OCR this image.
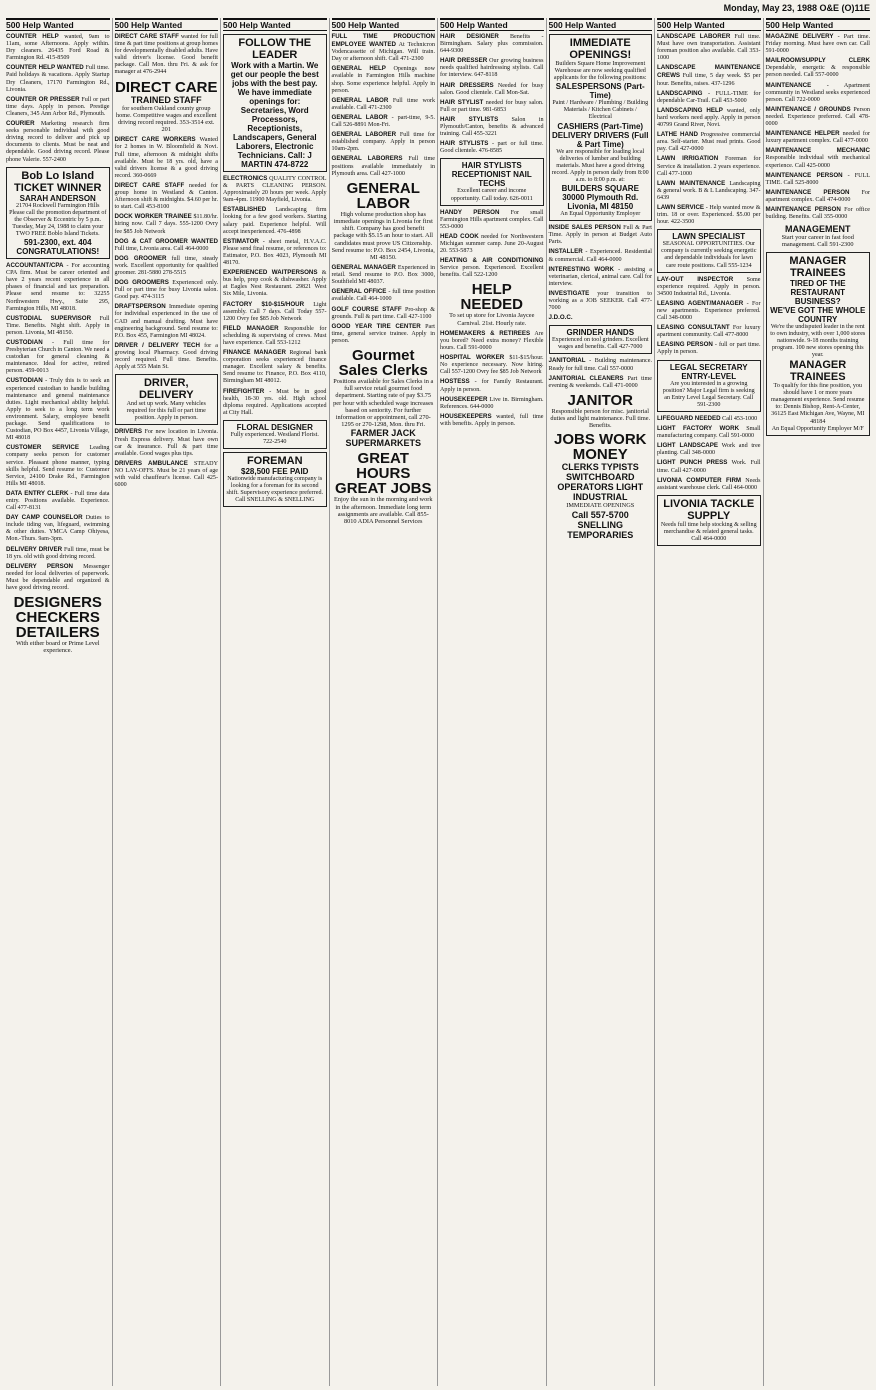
Monday, May 23, 1988 O&E (O)11E
500 Help Wanted
COUNTER HELP wanted, 9am to 11am, some Afternoons. Apply within. Dry cleaners. 26435 Ford Road & Farmington Rd. 415-8509
COUNTER HELP WANTED Full time. Paid holidays & vacations. Apply Startup Dry Cleaners, 17170 Farmington Rd., Livonia.
COUNTER OR PRESSER Full or part time days. Apply in person. Prestige Cleaners, 345 Ann Arbor Rd., Plymouth.
COURIER Marketing research firm seeks personable individual with good driving record to deliver and pick up documents to clients. Must be neat and dependable. Good driving record. Please phone Valerie. 557-2400
Bob Lo Island TICKET WINNER
SARAH ANDERSON
21704 Rockwell Farmington Hills
Please call the promotion department of the Observer & Eccentric by 5 p.m. Tuesday, May 24, 1988 to claim your TWO FREE Boblo Island Tickets.
591-2300, ext. 404
CONGRATULATIONS!
ACCOUNTANT/CPA - For accounting CPA firm. Must be career oriented and have 2 years recent experience in all phases of financial and tax preparation. Please send resume to: 32255 Northwestern Hwy., Suite 295, Farmington Hills, MI 48018.
CUSTODIAL SUPERVISOR Full Time. Benefits. Night shift. Apply in person. Livonia, MI 48150.
CUSTODIAN - Full time for Presbyterian Church in Canton. We need a custodian for general cleaning & maintenance. Ideal for active, retired person. 459-0013
CUSTODIAN - Truly this is to seek an experienced custodian to handle building maintenance and general maintenance duties. Light mechanical ability helpful. Apply to seek to a long term work environment. Salary, employee benefit package. Send qualifications to Custodian, PO Box 4457, Livonia Village, MI 48018
CUSTOMER SERVICE Leading company seeks person for customer service. Pleasant phone manner, typing skills helpful. Send resume to: Customer Service, 24100 Drake Rd., Farmington Hills MI 48018.
DATA ENTRY CLERK - Full time data entry. Positions available. Experience. Call 477-8131
DAY CAMP COUNSELOR Duties to include tiding van, lifeguard, swimming & other duties. YMCA Camp Ohiyesa, Mon.-Thurs. 9am-3pm.
DELIVERY DRIVER Full time, must be 18 yrs. old with good driving record.
DELIVERY PERSON Messenger needed for local deliveries of paperwork. Must be dependable and organized & have good driving record.
DESIGNERS CHECKERS DETAILERS
With either board or Prime Level experience.
500 Help Wanted
DIRECT CARE STAFF wanted for full time & part time positions at group homes for developmentally disabled adults. Have valid driver's license. Good benefit package. Call Mon. thru Fri. & ask for manager at 476-2944
DIRECT CARE
TRAINED STAFF
for southern Oakland county group home. Competitive wages and excellent driving record required. 353-3514 ext. 201
DIRECT CARE WORKERS Wanted for 2 homes in W. Bloomfield & Novi. Full time, afternoon & midnight shifts available. Must be 18 yrs. old, have a valid drivers license & a good driving record. 360-0669
DIRECT CARE STAFF needed for group home in Westland & Canton. Afternoon shift & midnights. $4.60 per hr. to start. Call 453-8100
DOCK WORKER TRAINEE $11.80/hr. hiring now. Call 7 days. 555-1200 Ovry fee $85 Job Network
DOG & CAT GROOMER WANTED Full time, Livonia area. Call 464-0000
DOG GROOMER full time, steady work. Excellent opportunity for qualified groomer. 281-5880 278-5515
DOG GROOMERS Experienced only. Full or part time for busy Livonia salon. Good pay. 474-3115
DRAFTSPERSON Immediate opening for individual experienced in the use of CAD and manual drafting. Must have engineering background. Send resume to: P.O. Box 455, Farmington MI 48024.
DRIVER / DELIVERY TECH for a growing local Pharmacy. Good driving record required. Full time. Benefits. Apply at 555 Main St.
DRIVER, DELIVERY
And set up work. Many vehicles required for this full or part time position. Apply in person.
DRIVERS For new location in Livonia. Fresh Express delivery. Must have own car & insurance. Full & part time available. Good wages plus tips.
DRIVERS AMBULANCE STEADY NO LAY-OFFS. Must be 21 years of age with valid chauffeur's license. Call 425-6000
500 Help Wanted
FOLLOW THE LEADER
Work with a Martin. We get our people the best jobs with the best pay. We have immediate openings for: Secretaries, Word Processors, Receptionists, Landscapers, General Laborers, Electronic Technicians. Call: J MARTIN 474-8722
ELECTRONICS QUALITY CONTROL & PARTS CLEANING PERSON. Approximately 20 hours per week. Apply 9am-4pm. 11900 Mayfield, Livonia.
ESTABLISHED Landscaping firm looking for a few good workers. Starting salary paid. Experience helpful. Will accept inexperienced. 476-4898
ESTIMATOR - sheet metal, H.V.A.C. Please send final resume, or references to: Estimator, P.O. Box 4023, Plymouth MI 48170.
EXPERIENCED WAITPERSONS & bus help, prep cook & dishwasher. Apply at Eagles Nest Restaurant. 29821 West Six Mile, Livonia.
FACTORY $10-$15/HOUR Light assembly. Call 7 days. Call Today 557-1200 Ovry fee $85 Job Network
FIELD MANAGER Responsible for scheduling & supervising of crews. Must have experience. Call 553-1212
FINANCE MANAGER Regional bank corporation seeks experienced finance manager. Excellent salary & benefits. Send resume to: Finance, P.O. Box 4110, Birmingham MI 48012.
FIREFIGHTER - Must be in good health, 18-30 yrs. old. High school diploma required. Applications accepted at City Hall.
FLORAL DESIGNER
Fully experienced. Westland Florist. 722-2540
FOREMAN
$28,500 FEE PAID
Nationwide manufacturing company is looking for a foreman for its second shift. Supervisory experience preferred. Call SNELLING & SNELLING
500 Help Wanted
FULL TIME PRODUCTION EMPLOYEE WANTED At Technicron Vodencassette of Michigan. Will train. Day or afternoon shift. Call 471-2300
GENERAL HELP Openings now available in Farmington Hills machine shop. Some experience helpful. Apply in person.
GENERAL LABOR Full time work available. Call 471-2300
GENERAL LABOR - part-time, 9-5. Call 526-8891 Mon-Fri.
GENERAL LABORER Full time for established company. Apply in person 10am-2pm.
GENERAL LABORERS Full time positions available immediately in Plymouth area. Call 427-1000
GENERAL LABOR
High volume production shop has immediate openings in Livonia for first shift. Company has good benefit package with $5.15 an hour to start. All candidates must prove US Citizenship. Send resume to: P.O. Box 2454, Livonia, MI 48150.
GENERAL MANAGER Experienced in retail. Send resume to P.O. Box 3000, Southfield MI 48037.
GENERAL OFFICE - full time position available. Call 464-1000
GOLF COURSE STAFF Pro-shop & grounds. Full & part time. Call 427-1100
GOOD YEAR TIRE CENTER Part time, general service trainee. Apply in person.
Gourmet Sales Clerks
Positions available for Sales Clerks in a full service retail gourmet food department. Starting rate of pay $3.75 per hour with scheduled wage increases based on seniority. For further information or appointment, call 270-1295 or 270-1298, Mon. thru Fri.
FARMER JACK SUPERMARKETS
GREAT HOURS GREAT JOBS
Enjoy the sun in the morning and work in the afternoon. Immediate long term assignments are available. Call 855-8010 ADIA Personnel Services
500 Help Wanted
HAIR DESIGNER Benefits - Birmingham. Salary plus commission. 644-9300
HAIR DRESSER Our growing business needs qualified hairdressing stylists. Call for interview. 647-8118
HAIR DRESSERS Needed for busy salon. Good clientele. Call Mon-Sat.
HAIR STYLIST needed for busy salon. Full or part time. 981-6853
HAIR STYLISTS Salon in Plymouth/Canton, benefits & advanced training. Call 455-3221
HAIR STYLISTS - part or full time. Good clientele. 476-8585
HAIR STYLISTS RECEPTIONIST NAIL TECHS
Excellent career and income opportunity. Call today. 626-0011
HANDY PERSON For small Farmington Hills apartment complex. Call 553-0000
HEAD COOK needed for Northwestern Michigan summer camp. June 20-August 20. 553-5873
HEATING & AIR CONDITIONING Service person. Experienced. Excellent benefits. Call 522-1200
HELP NEEDED
To set up store for Livonia Jaycee Carnival. 21st. Hourly rate.
HOMEMAKERS & RETIREES Are you bored? Need extra money? Flexible hours. Call 591-0000
HOSPITAL WORKER $11-$15/hour. No experience necessary. Now hiring. Call 557-1200 Ovry fee $85 Job Network
HOSTESS - for Family Restaurant. Apply in person.
HOUSEKEEPER Live in. Birmingham. References. 644-0000
HOUSEKEEPERS wanted, full time with benefits. Apply in person.
500 Help Wanted
IMMEDIATE OPENINGS!
Builders Square Home Improvement Warehouse are now seeking qualified applicants for the following positions:
SALESPERSONS (Part-Time)
Paint / Hardware / Plumbing / Building Materials / Kitchen Cabinets / Electrical
CASHIERS (Part-Time)
DELIVERY DRIVERS (Full & Part Time)
We are responsible for loading local deliveries of lumber and building materials. Must have a good driving record. Apply in person daily from 8:00 a.m. to 8:00 p.m. at:
BUILDERS SQUARE 30000 Plymouth Rd. Livonia, MI 48150
An Equal Opportunity Employer
INSIDE SALES PERSON Full & Part Time. Apply in person at Budget Auto Parts.
INSTALLER - Experienced. Residential & commercial. Call 464-0000
INTERESTING WORK - assisting a veterinarian, clerical, animal care. Call for interview.
INVESTIGATE your transition to working as a JOB SEEKER. Call 477-7000
J.D.O.C.
GRINDER HANDS
Experienced on tool grinders. Excellent wages and benefits. Call 427-7000
JANITORIAL - Building maintenance. Ready for full time. Call 557-0000
JANITORIAL CLEANERS Part time evening & weekends. Call 471-0000
JANITOR
Responsible person for misc. janitorial duties and light maintenance. Full time. Benefits.
JOBS WORK MONEY
CLERKS TYPISTS SWITCHBOARD OPERATORS LIGHT INDUSTRIAL
IMMEDIATE OPENINGS
Call 557-5700 SNELLING TEMPORARIES
500 Help Wanted
LANDSCAPE LABORER Full time. Must have own transportation. Assistant foreman position also available. Call 353-1000
LANDSCAPE MAINTENANCE CREWS Full time, 5 day week. $5 per hour. Benefits, raises. 437-1296
LANDSCAPING - FULL-TIME for dependable Car-Trail. Call 453-5000
LANDSCAPING HELP wanted, only hard workers need apply. Apply in person 40799 Grand River, Novi.
LATHE HAND Progressive commercial area. Self-starter. Must read prints. Good pay. Call 427-0000
LAWN IRRIGATION Foreman for Service & installation. 2 years experience. Call 477-1000
LAWN MAINTENANCE Landscaping & general work. B & L Landscaping. 347-6439
LAWN SERVICE - Help wanted mow & trim. 18 or over. Experienced. $5.00 per hour. 422-3500
LAWN SPECIALIST
SEASONAL OPPORTUNITIES. Our company is currently seeking energetic and dependable individuals for lawn care route positions. Call 555-1234
LAY-OUT INSPECTOR Some experience required. Apply in person. 34500 Industrial Rd., Livonia.
LEASING AGENT/MANAGER - For new apartments. Experience preferred. Call 348-0000
LEASING CONSULTANT For luxury apartment community. Call 477-8000
LEASING PERSON - full or part time. Apply in person.
LEGAL SECRETARY ENTRY-LEVEL
Are you interested in a growing position? Major Legal firm is seeking an Entry Level Legal Secretary. Call 591-2300
LIFEGUARD NEEDED Call 453-1000
LIGHT FACTORY WORK Small manufacturing company. Call 591-0000
LIGHT LANDSCAPE Work and tree planting. Call 348-0000
LIGHT PUNCH PRESS Work. Full time. Call 427-0000
LIVONIA COMPUTER FIRM Needs assistant warehouse clerk. Call 464-0000
LIVONIA TACKLE SUPPLY
Needs full time help stocking & selling merchandise & related general tasks. Call 464-0000
500 Help Wanted
MAGAZINE DELIVERY - Part time. Friday morning. Must have own car. Call 591-0000
MAILROOM/SUPPLY CLERK Dependable, energetic & responsible person needed. Call 557-0000
MAINTENANCE	- Apartment community in Westland seeks experienced person. Call 722-0000
MAINTENANCE / GROUNDS Person needed. Experience preferred. Call 478-0000
MAINTENANCE HELPER needed for luxury apartment complex. Call 477-0000
MAINTENANCE MECHANIC Responsible individual with mechanical experience. Call 425-0000
MAINTENANCE PERSON - FULL TIME. Call 525-8000
MAINTENANCE PERSON For apartment complex. Call 474-0000
MAINTENANCE PERSON For office building. Benefits. Call 355-0000
MANAGEMENT
Start your career in fast food management. Call 591-2300
MANAGER TRAINEES
TIRED OF THE RESTAURANT BUSINESS?
WE'VE GOT THE WHOLE COUNTRY
We're the undisputed leader in the rent to own industry, with over 1,000 stores nationwide. 9-18 months training program. 100 new stores opening this year.
MANAGER TRAINEES
To qualify for this fine position, you should have 1 or more years management experience. Send resume to: Dennis Bishop, Rent-A-Center, 36125 East Michigan Ave, Wayne, MI 48184
An Equal Opportunity Employer M/F
